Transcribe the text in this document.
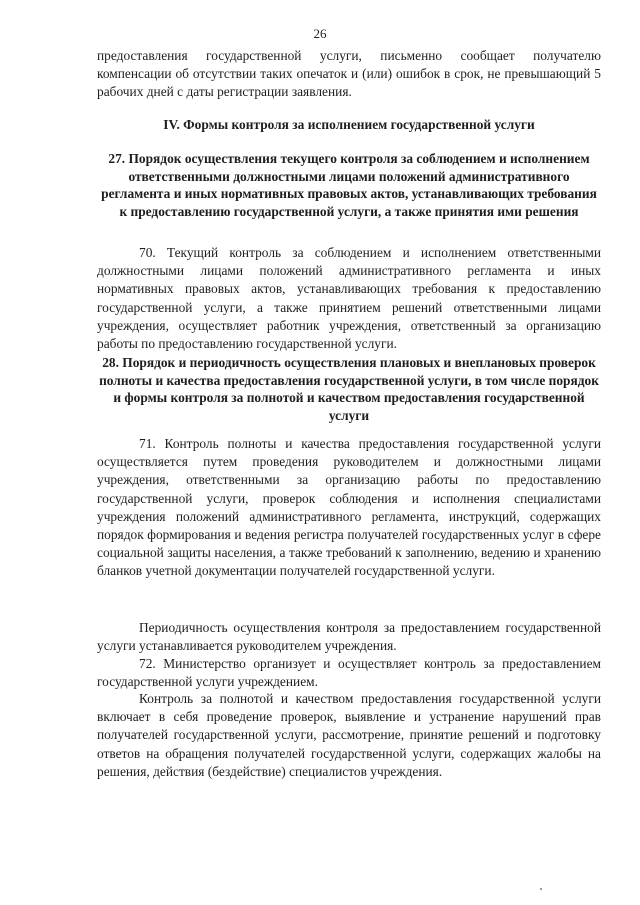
26

предоставления государственной услуги, письменно сообщает получателю компенсации об отсутствии таких опечаток и (или) ошибок в срок, не превышающий 5 рабочих дней с даты регистрации заявления.

IV. Формы контроля за исполнением государственной услуги
27. Порядок осуществления текущего контроля за соблюдением и исполнением ответственными должностными лицами положений административного регламента и иных нормативных правовых актов, устанавливающих требования к предоставлению государственной услуги, а также принятия ими решения

70. Текущий контроль за соблюдением и исполнением ответственными должностными лицами положений административного регламента и иных нормативных правовых актов, устанавливающих требования к предоставлению государственной услуги, а также принятием решений ответственными лицами учреждения, осуществляет работник учреждения, ответственный за организацию работы по предоставлению государственной услуги.

28. Порядок и периодичность осуществления плановых и внеплановых проверок полноты и качества предоставления государственной услуги, в том числе порядок и формы контроля за полнотой и качеством предоставления государственной услуги

71. Контроль полноты и качества предоставления государственной услуги осуществляется путем проведения руководителем и должностными лицами учреждения, ответственными за организацию работы по предоставлению государственной услуги, проверок соблюдения и исполнения специалистами учреждения положений административного регламента, инструкций, содержащих порядок формирования и ведения регистра получателей государственных услуг в сфере социальной защиты населения, а также требований к заполнению, ведению и хранению бланков учетной документации получателей государственной услуги.

Периодичность осуществления контроля за предоставлением государственной услуги устанавливается руководителем учреждения.

72. Министерство организует и осуществляет контроль за предоставлением государственной услуги учреждением.

Контроль за полнотой и качеством предоставления государственной услуги включает в себя проведение проверок, выявление и устранение нарушений прав получателей государственной услуги, рассмотрение, принятие решений и подготовку ответов на обращения получателей государственной услуги, содержащих жалобы на решения, действия (бездействие) специалистов учреждения.
